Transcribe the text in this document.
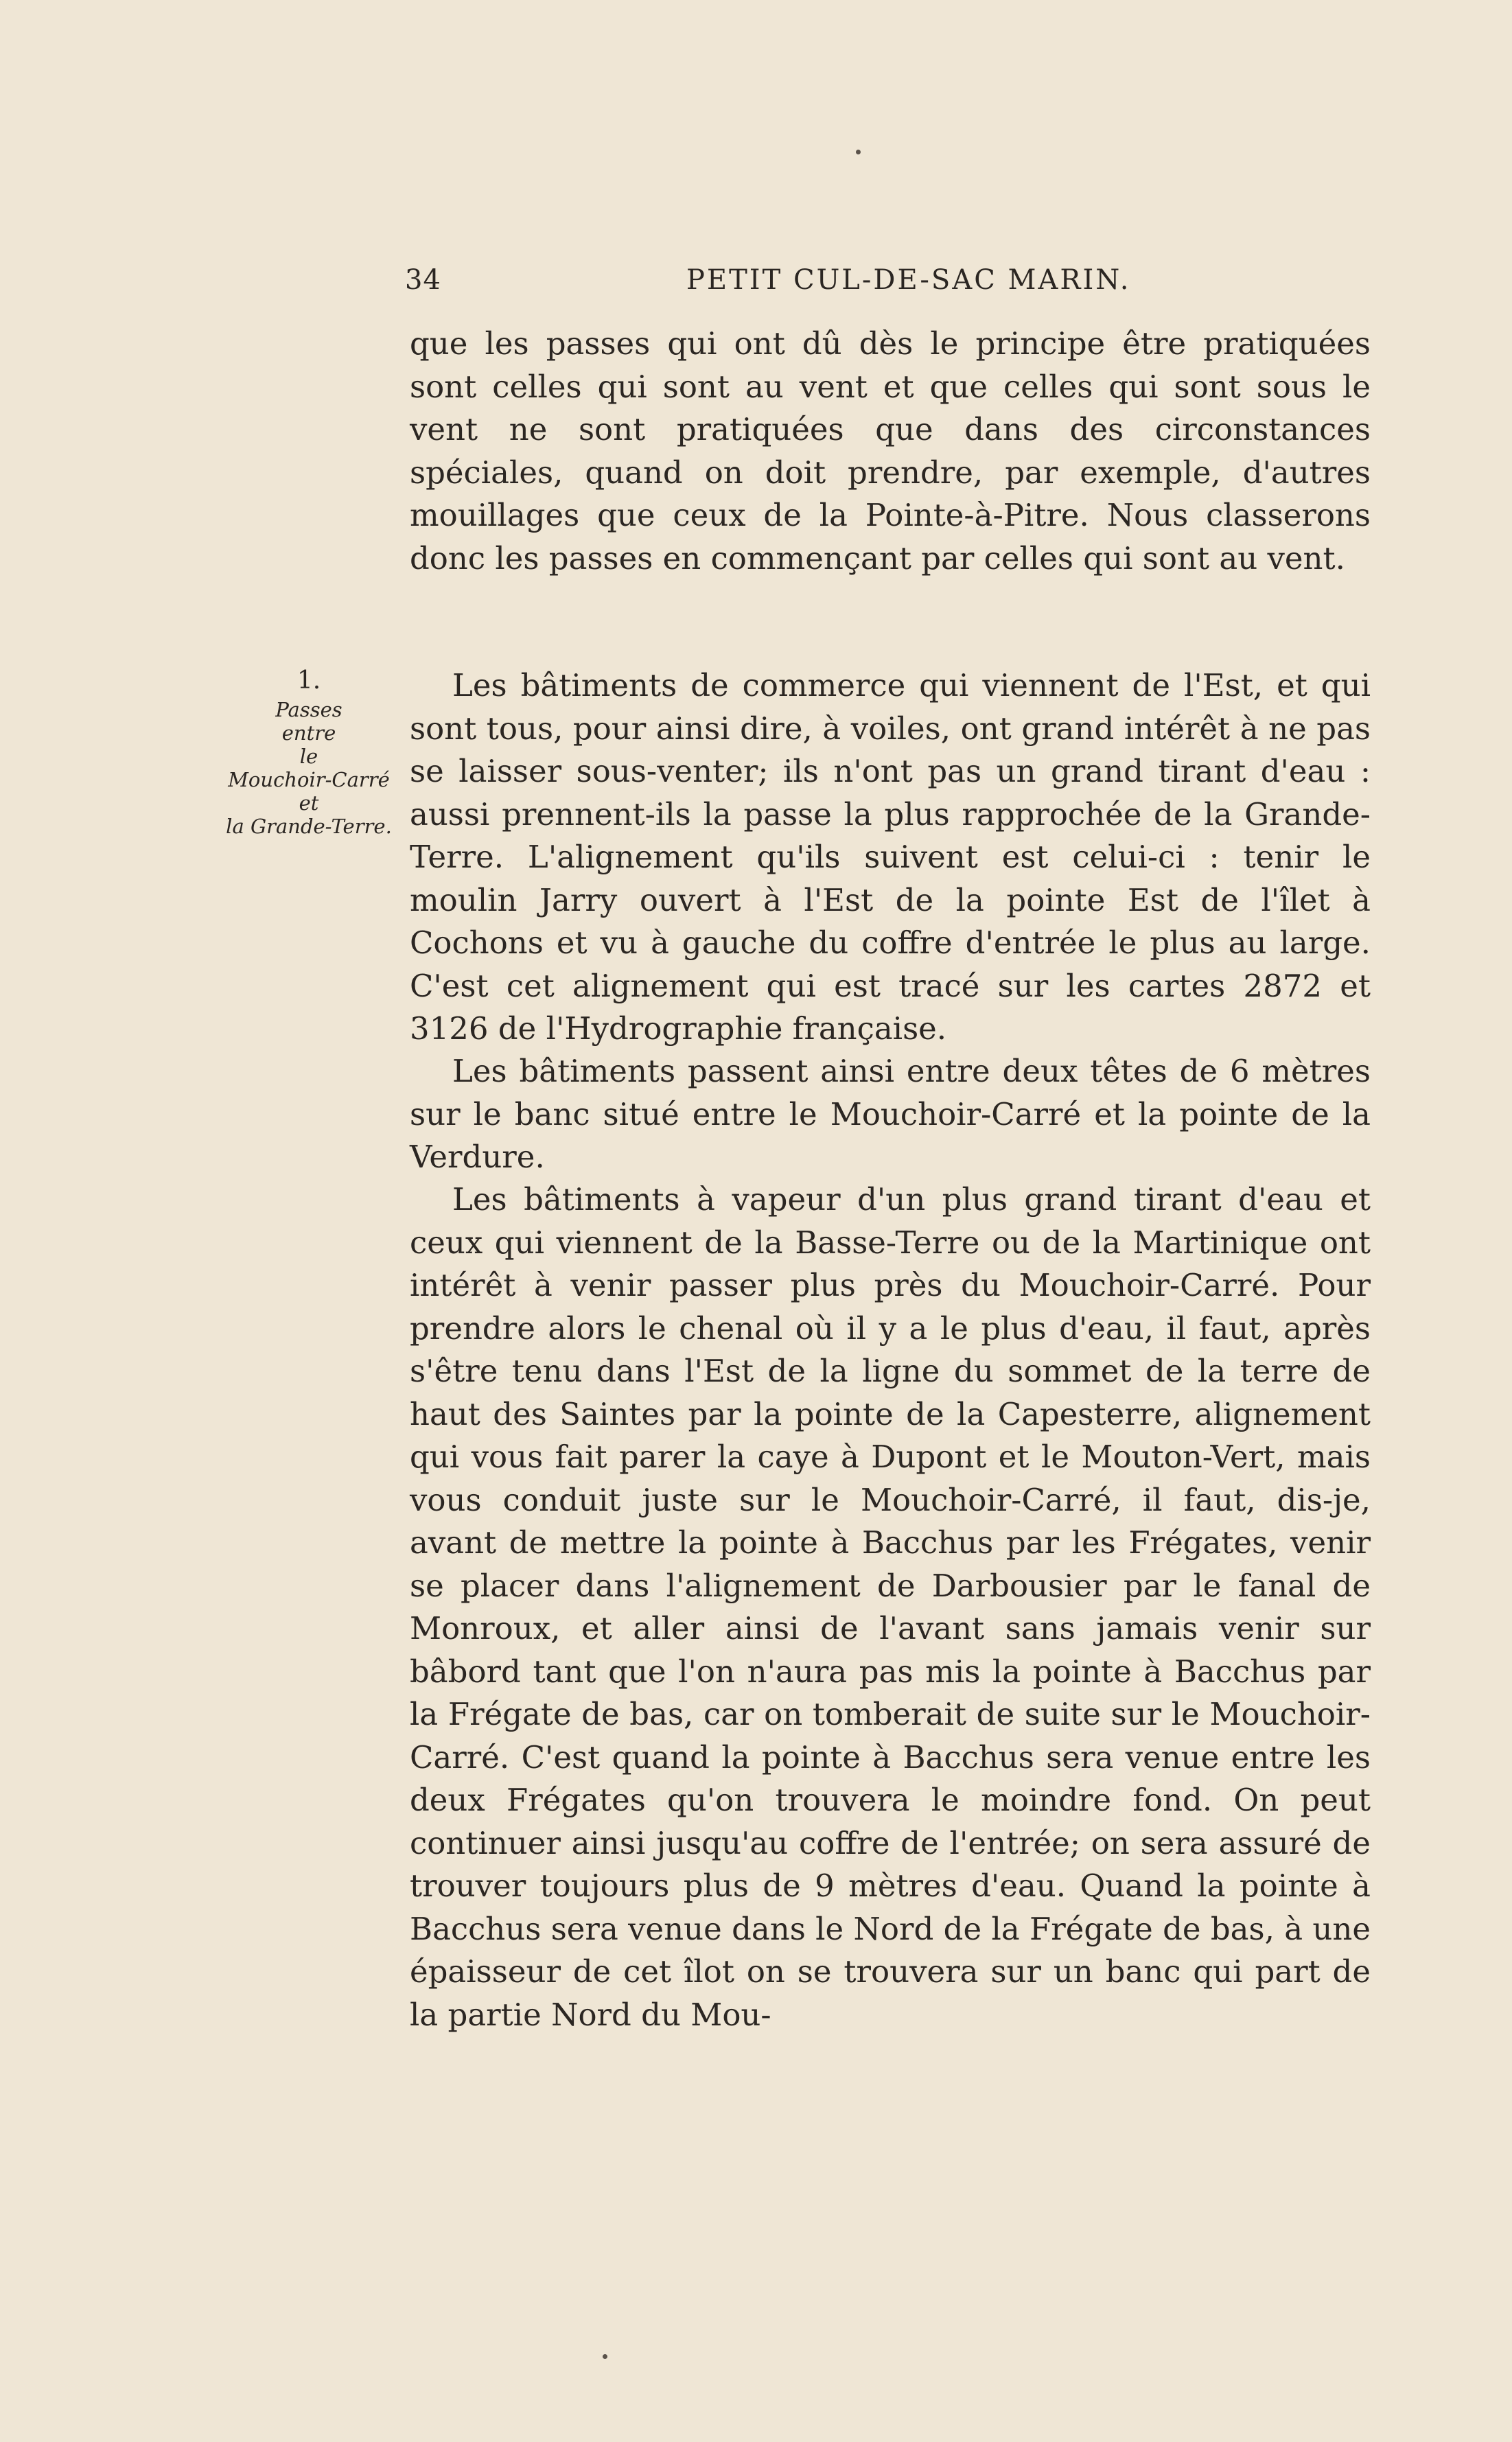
34	PETIT CUL-DE-SAC MARIN.

que les passes qui ont dû dès le principe être pratiquées sont celles qui sont au vent et que celles qui sont sous le vent ne sont pratiquées que dans des circonstances spéciales, quand on doit prendre, par exemple, d'autres mouillages que ceux de la Pointe-à-Pitre. Nous classerons donc les passes en commençant par celles qui sont au vent.

1.
Passes
entre
le
Mouchoir-Carré
et
la Grande-Terre.

Les bâtiments de commerce qui viennent de l'Est, et qui sont tous, pour ainsi dire, à voiles, ont grand intérêt à ne pas se laisser sous-venter; ils n'ont pas un grand tirant d'eau : aussi prennent-ils la passe la plus rapprochée de la Grande-Terre. L'alignement qu'ils suivent est celui-ci : tenir le moulin Jarry ouvert à l'Est de la pointe Est de l'îlet à Cochons et vu à gauche du coffre d'entrée le plus au large. C'est cet alignement qui est tracé sur les cartes 2872 et 3126 de l'Hydrographie française.

Les bâtiments passent ainsi entre deux têtes de 6 mètres sur le banc situé entre le Mouchoir-Carré et la pointe de la Verdure.

Les bâtiments à vapeur d'un plus grand tirant d'eau et ceux qui viennent de la Basse-Terre ou de la Martinique ont intérêt à venir passer plus près du Mouchoir-Carré. Pour prendre alors le chenal où il y a le plus d'eau, il faut, après s'être tenu dans l'Est de la ligne du sommet de la terre de haut des Saintes par la pointe de la Capesterre, alignement qui vous fait parer la caye à Dupont et le Mouton-Vert, mais vous conduit juste sur le Mouchoir-Carré, il faut, dis-je, avant de mettre la pointe à Bacchus par les Frégates, venir se placer dans l'alignement de Darbousier par le fanal de Monroux, et aller ainsi de l'avant sans jamais venir sur bâbord tant que l'on n'aura pas mis la pointe à Bacchus par la Frégate de bas, car on tomberait de suite sur le Mouchoir-Carré. C'est quand la pointe à Bacchus sera venue entre les deux Frégates qu'on trouvera le moindre fond. On peut continuer ainsi jusqu'au coffre de l'entrée; on sera assuré de trouver toujours plus de 9 mètres d'eau. Quand la pointe à Bacchus sera venue dans le Nord de la Frégate de bas, à une épaisseur de cet îlot on se trouvera sur un banc qui part de la partie Nord du Mou-
